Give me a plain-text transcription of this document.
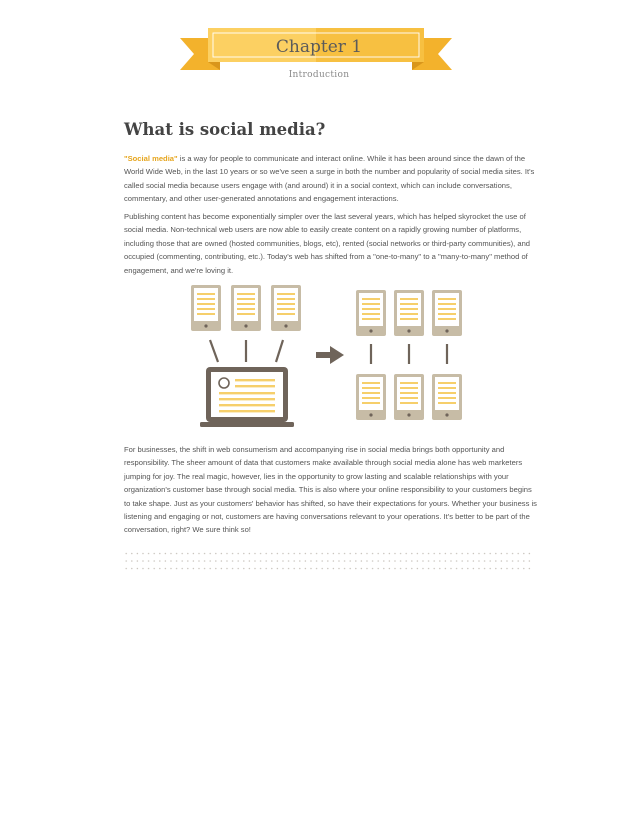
Chapter 1
Introduction
What is social media?

"Social media" is a way for people to communicate and interact online. While it has been around since the dawn of the World Wide Web, in the last 10 years or so we've seen a surge in both the number and popularity of social media sites. It's called social media because users engage with (and around) it in a social context, which can include conversations, commentary, and other user-generated annotations and engagement interactions.

Publishing content has become exponentially simpler over the last several years, which has helped skyrocket the use of social media. Non-technical web users are now able to easily create content on a rapidly growing number of platforms, including those that are owned (hosted communities, blogs, etc), rented (social networks or third-party communities), and occupied (commenting, contributing, etc.). Today's web has shifted from a "one-to-many" to a "many-to-many" method of engagement, and we're loving it.

For businesses, the shift in web consumerism and accompanying rise in social media brings both opportunity and responsibility. The sheer amount of data that customers make available through social media alone has web marketers jumping for joy. The real magic, however, lies in the opportunity to grow lasting and scalable relationships with your organization's customer base through social media. This is also where your online responsibility to your customers begins to take shape. Just as your customers' behavior has shifted, so have their expectations for yours. Whether your business is listening and engaging or not, customers are having conversations relevant to your operations. It's better to be part of the conversation, right? We sure think so!
